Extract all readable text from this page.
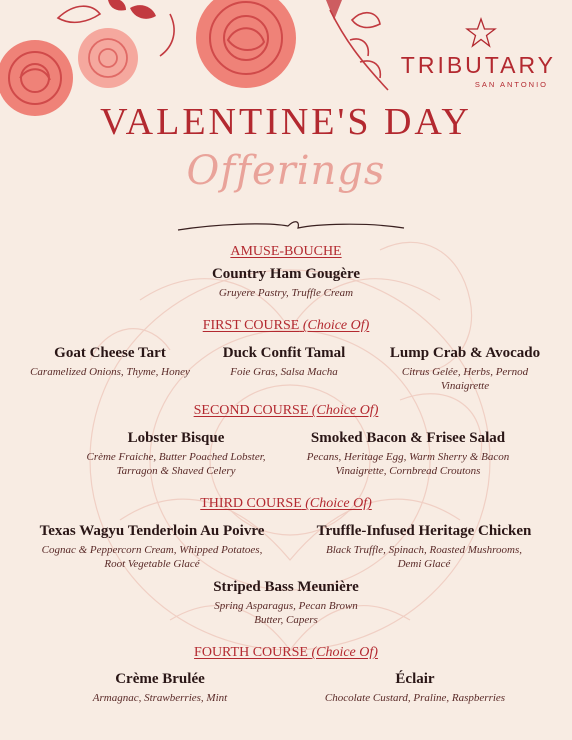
TRIBUTARY
SAN ANTONIO
VALENTINE'S DAY
Offerings
AMUSE-BOUCHE
Country Ham Gougère
Gruyere Pastry, Truffle Cream
FIRST COURSE (Choice Of)
Goat Cheese Tart
Caramelized Onions, Thyme, Honey
Duck Confit Tamal
Foie Gras, Salsa Macha
Lump Crab & Avocado
Citrus Gelée, Herbs, Pernod
Vinaigrette
SECOND COURSE (Choice Of)
Lobster Bisque
Crème Fraiche, Butter Poached Lobster,
Tarragon & Shaved Celery
Smoked Bacon & Frisee Salad
Pecans, Heritage Egg, Warm Sherry & Bacon
Vinaigrette, Cornbread Croutons
THIRD COURSE (Choice Of)
Texas Wagyu Tenderloin Au Poivre
Cognac & Peppercorn Cream, Whipped Potatoes,
Root Vegetable Glacé
Truffle-Infused Heritage Chicken
Black Truffle, Spinach, Roasted Mushrooms,
Demi Glacé
Striped Bass Meunière
Spring Asparagus, Pecan Brown
Butter, Capers
FOURTH COURSE (Choice Of)
Crème Brulée
Armagnac, Strawberries, Mint
Éclair
Chocolate Custard, Praline, Raspberries
